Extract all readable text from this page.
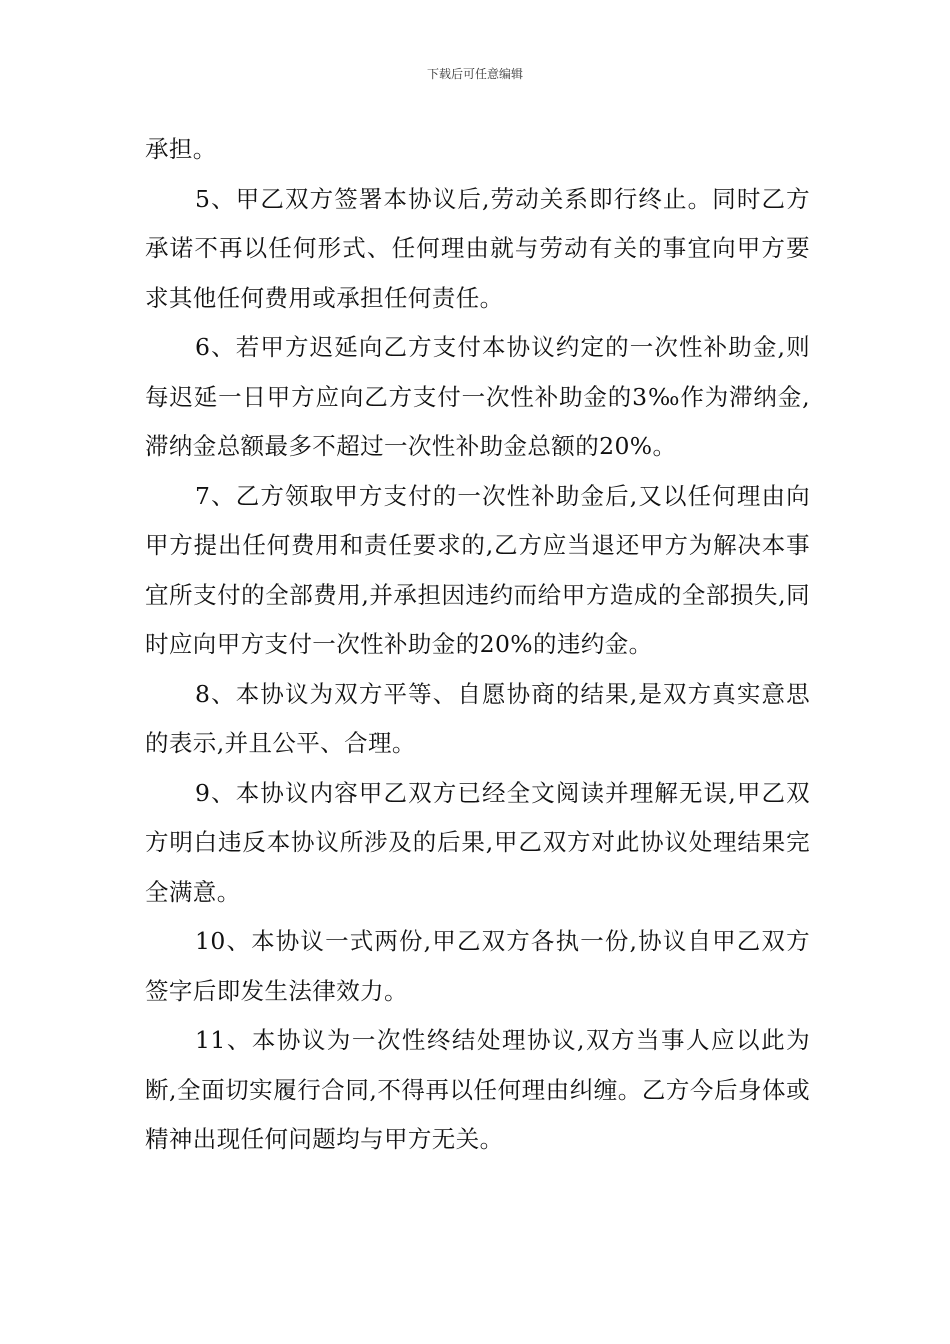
下载后可任意编辑

承担。

5、甲乙双方签署本协议后,劳动关系即行终止。同时乙方承诺不再以任何形式、任何理由就与劳动有关的事宜向甲方要求其他任何费用或承担任何责任。

6、若甲方迟延向乙方支付本协议约定的一次性补助金,则每迟延一日甲方应向乙方支付一次性补助金的3‰作为滞纳金,滞纳金总额最多不超过一次性补助金总额的20%。

7、乙方领取甲方支付的一次性补助金后,又以任何理由向甲方提出任何费用和责任要求的,乙方应当退还甲方为解决本事宜所支付的全部费用,并承担因违约而给甲方造成的全部损失,同时应向甲方支付一次性补助金的20%的违约金。

8、本协议为双方平等、自愿协商的结果,是双方真实意思的表示,并且公平、合理。

9、本协议内容甲乙双方已经全文阅读并理解无误,甲乙双方明白违反本协议所涉及的后果,甲乙双方对此协议处理结果完全满意。

10、本协议一式两份,甲乙双方各执一份,协议自甲乙双方签字后即发生法律效力。

11、本协议为一次性终结处理协议,双方当事人应以此为断,全面切实履行合同,不得再以任何理由纠缠。乙方今后身体或精神出现任何问题均与甲方无关。
